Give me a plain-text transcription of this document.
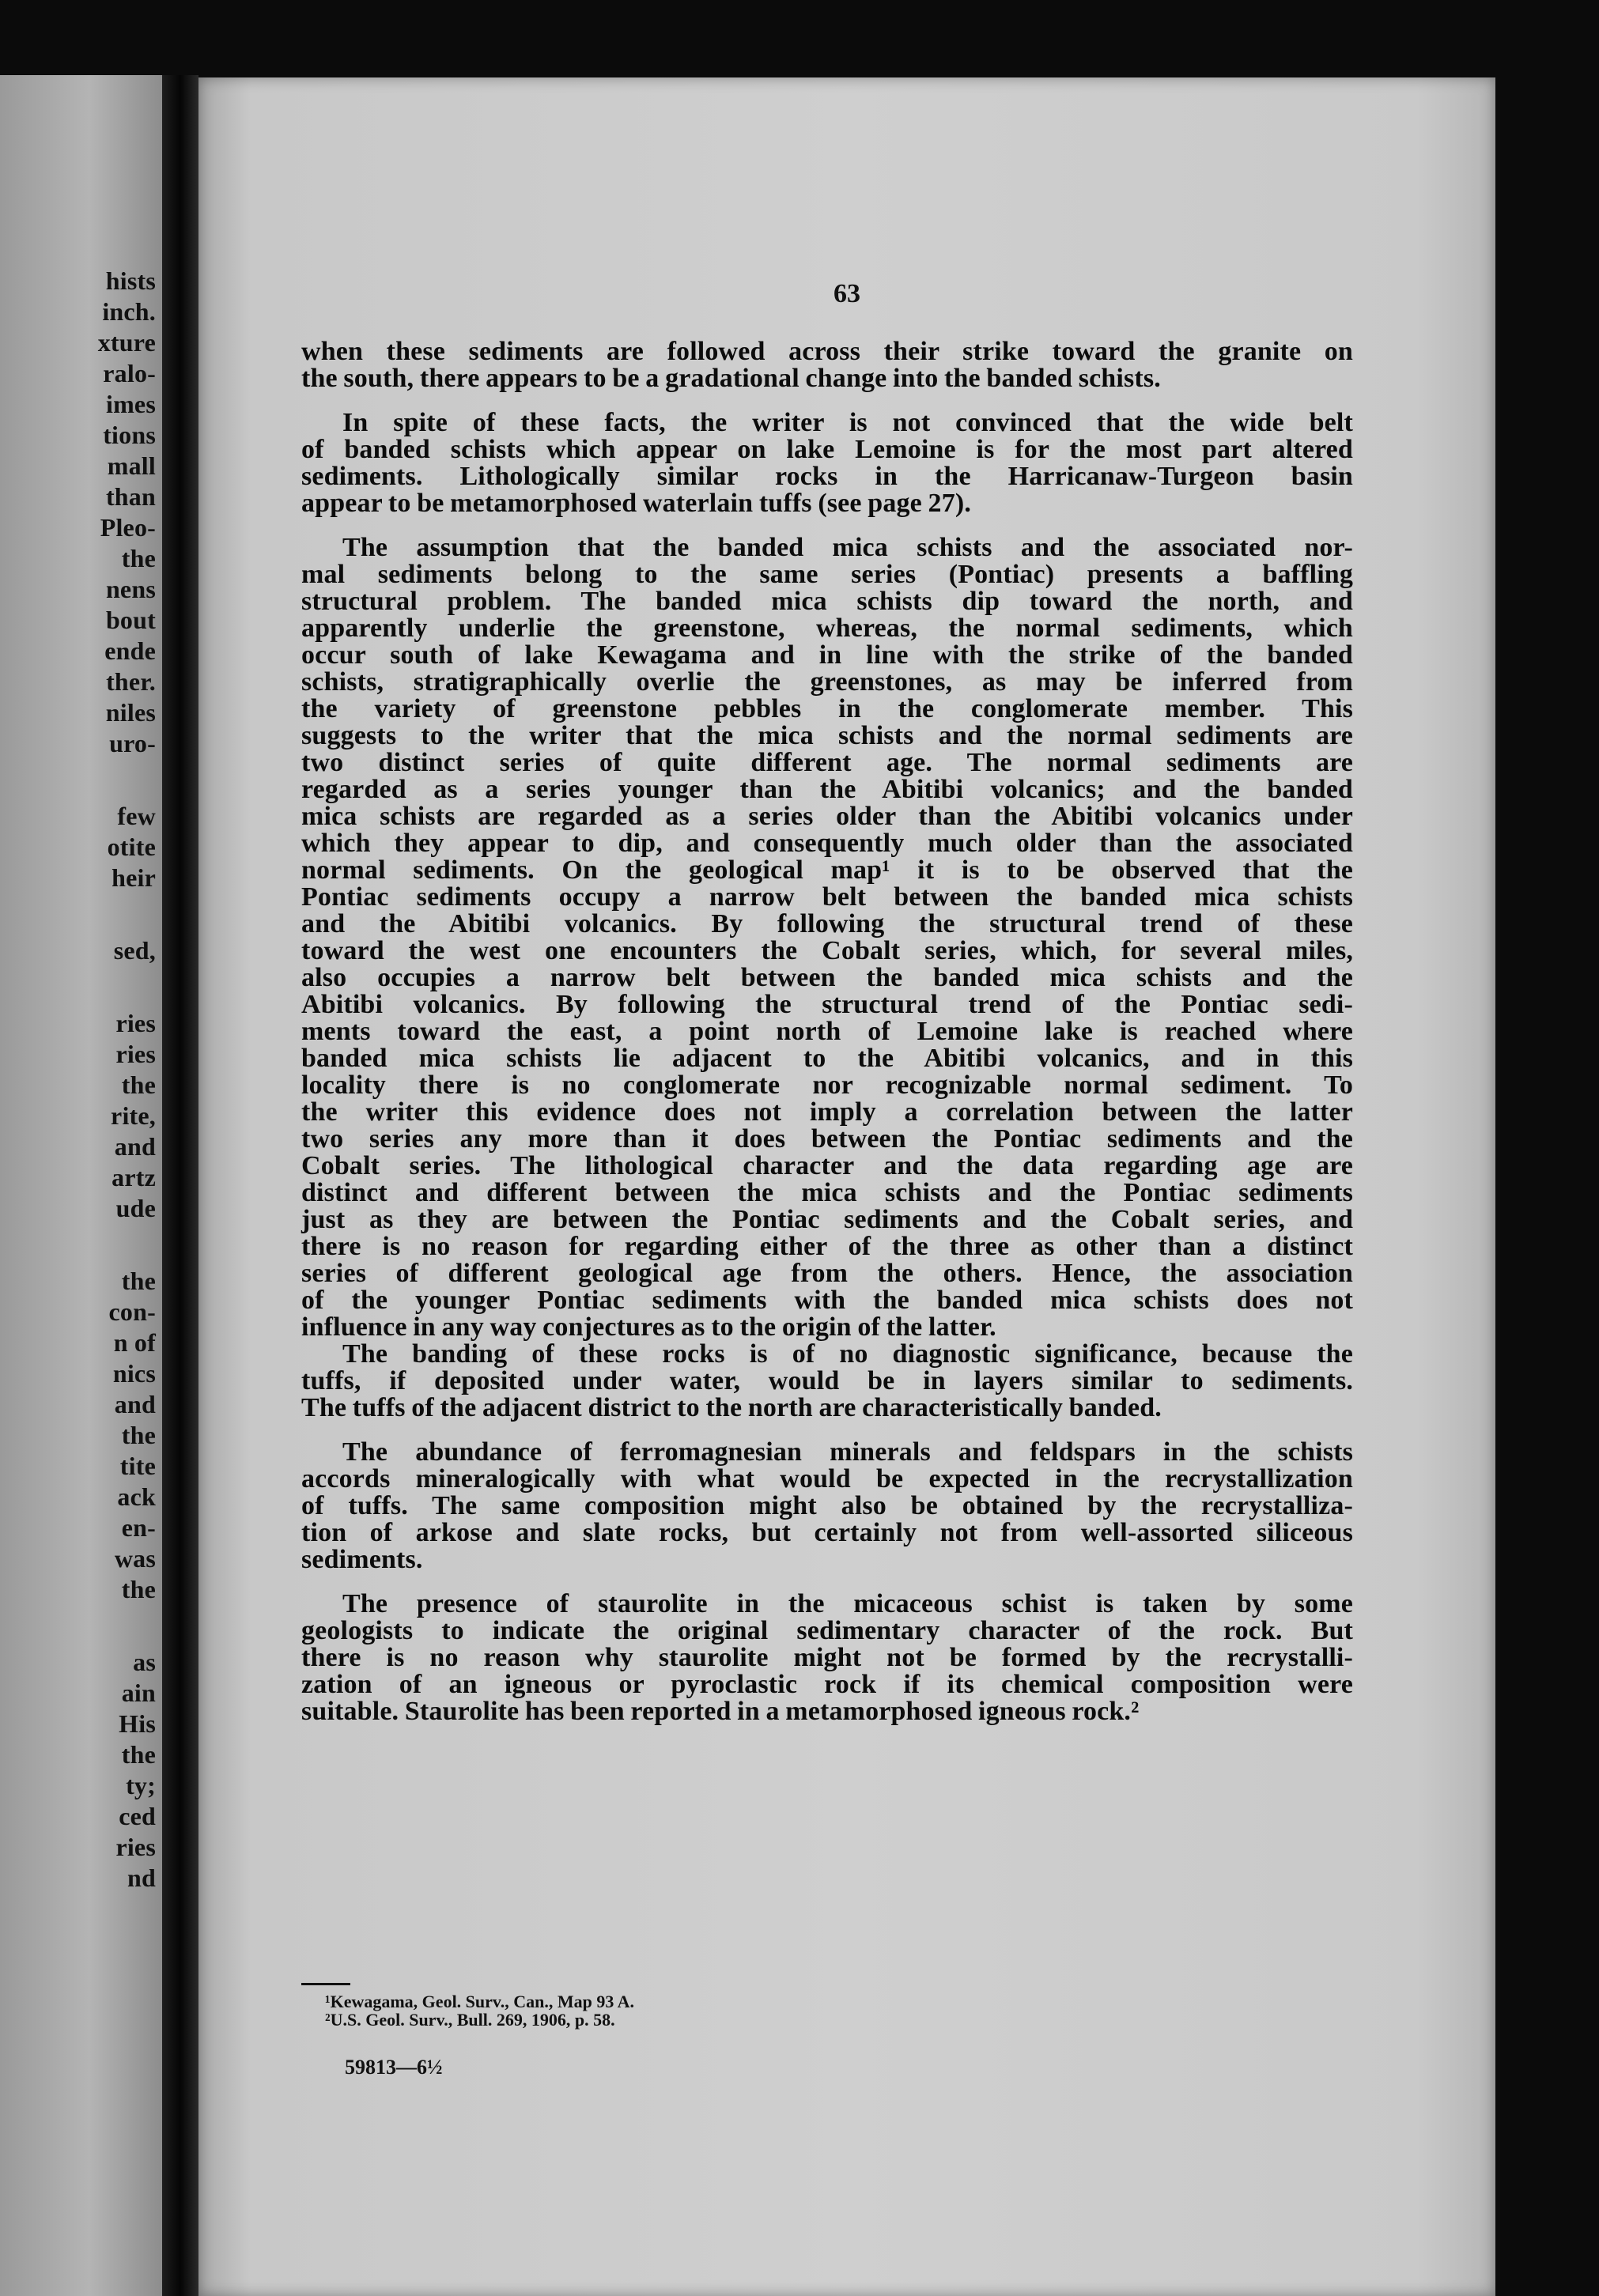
hists

inch.

xture

ralo-

imes

tions

mall

than

Pleo-

the

nens

bout

ende

ther.

niles

uro-

few

otite

heir

sed,

ries

ries

the

rite,

and

artz

ude

the

con-

n of

nics

and

the

tite

ack

en-

was

the

as

ain

His

the

ty;

ced

ries

nd

63

when these sediments are followed across their strike toward the granite on
the south, there appears to be a gradational change into the banded schists.
In spite of these facts, the writer is not convinced that the wide belt
of banded schists which appear on lake Lemoine is for the most part altered
sediments. Lithologically similar rocks in the Harricanaw-Turgeon basin
appear to be metamorphosed waterlain tuffs (see page 27).
The assumption that the banded mica schists and the associated nor-
mal sediments belong to the same series (Pontiac) presents a baffling
structural problem. The banded mica schists dip toward the north, and
apparently underlie the greenstone, whereas, the normal sediments, which
occur south of lake Kewagama and in line with the strike of the banded
schists, stratigraphically overlie the greenstones, as may be inferred from
the variety of greenstone pebbles in the conglomerate member. This
suggests to the writer that the mica schists and the normal sediments are
two distinct series of quite different age. The normal sediments are
regarded as a series younger than the Abitibi volcanics; and the banded
mica schists are regarded as a series older than the Abitibi volcanics under
which they appear to dip, and consequently much older than the associated
normal sediments. On the geological map¹ it is to be observed that the
Pontiac sediments occupy a narrow belt between the banded mica schists
and the Abitibi volcanics. By following the structural trend of these
toward the west one encounters the Cobalt series, which, for several miles,
also occupies a narrow belt between the banded mica schists and the
Abitibi volcanics. By following the structural trend of the Pontiac sedi-
ments toward the east, a point north of Lemoine lake is reached where
banded mica schists lie adjacent to the Abitibi volcanics, and in this
locality there is no conglomerate nor recognizable normal sediment. To
the writer this evidence does not imply a correlation between the latter
two series any more than it does between the Pontiac sediments and the
Cobalt series. The lithological character and the data regarding age are
distinct and different between the mica schists and the Pontiac sediments
just as they are between the Pontiac sediments and the Cobalt series, and
there is no reason for regarding either of the three as other than a distinct
series of different geological age from the others. Hence, the association
of the younger Pontiac sediments with the banded mica schists does not
influence in any way conjectures as to the origin of the latter.
The banding of these rocks is of no diagnostic significance, because the
tuffs, if deposited under water, would be in layers similar to sediments.
The tuffs of the adjacent district to the north are characteristically banded.
The abundance of ferromagnesian minerals and feldspars in the schists
accords mineralogically with what would be expected in the recrystallization
of tuffs. The same composition might also be obtained by the recrystalliza-
tion of arkose and slate rocks, but certainly not from well-assorted siliceous
sediments.
The presence of staurolite in the micaceous schist is taken by some
geologists to indicate the original sedimentary character of the rock. But
there is no reason why staurolite might not be formed by the recrystalli-
zation of an igneous or pyroclastic rock if its chemical composition were
suitable. Staurolite has been reported in a metamorphosed igneous rock.²
¹Kewagama, Geol. Surv., Can., Map 93 A.
²U.S. Geol. Surv., Bull. 269, 1906, p. 58.

59813—6½
